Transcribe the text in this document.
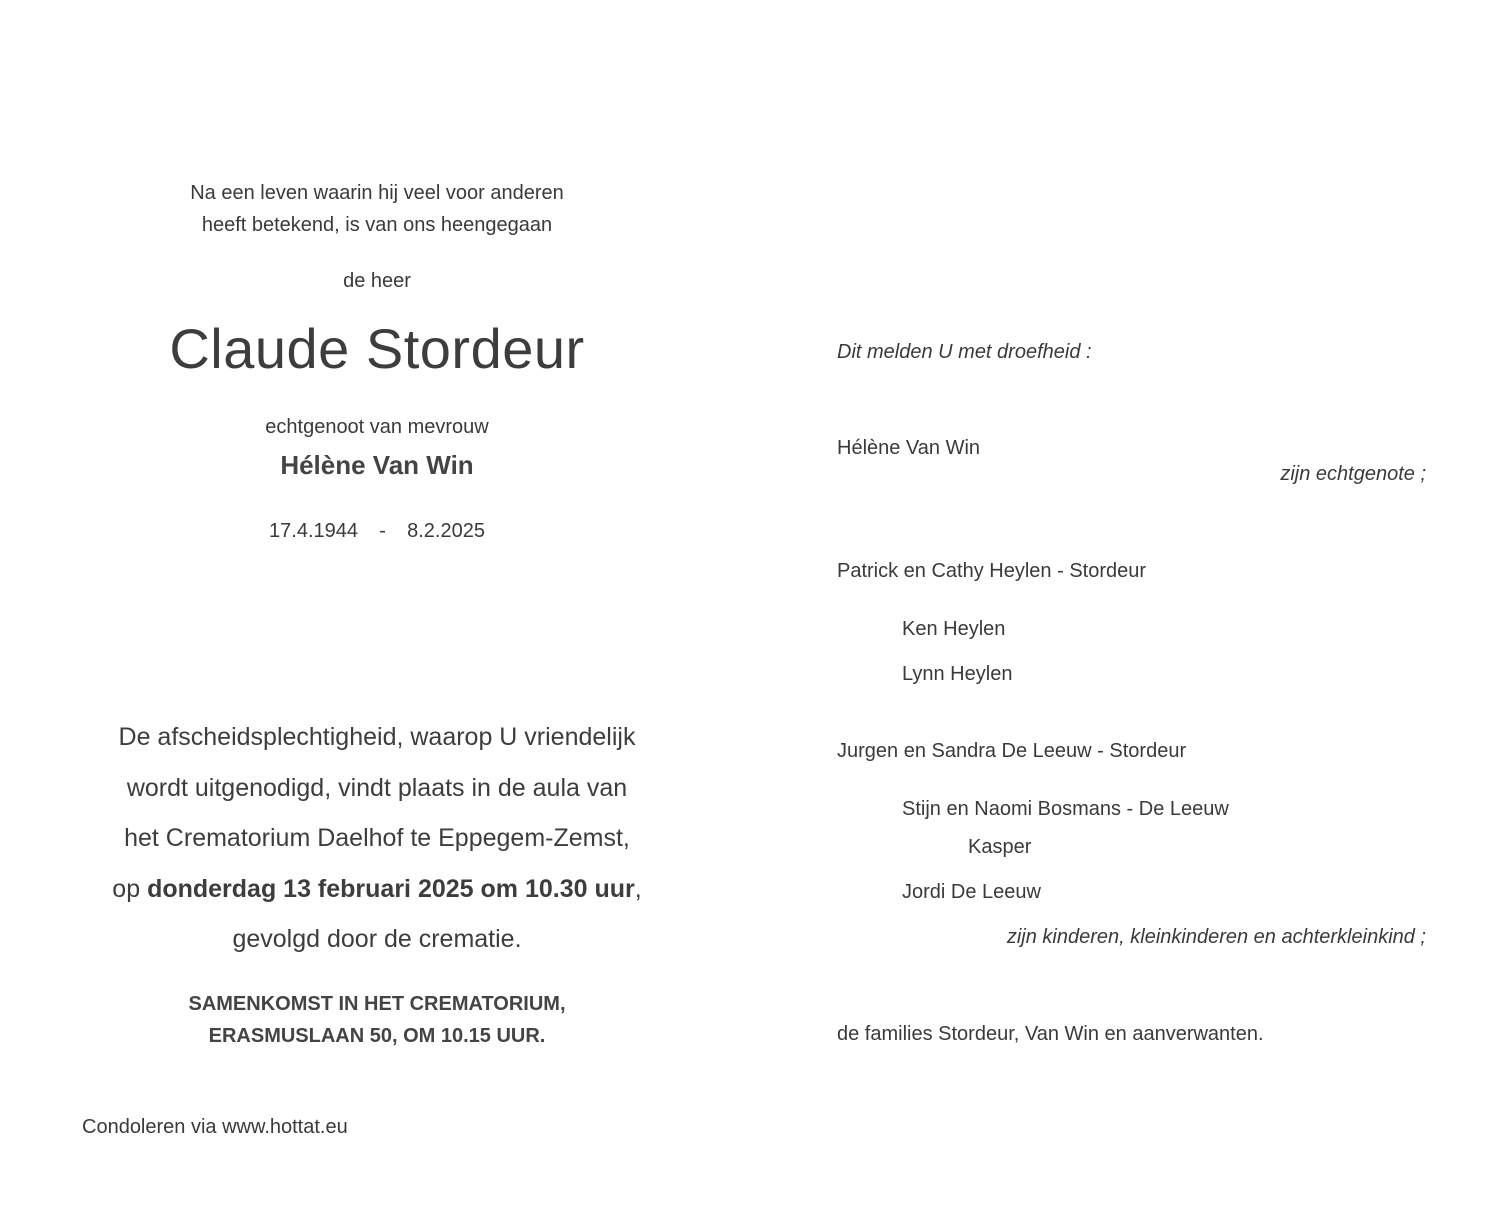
Na een leven waarin hij veel voor anderen
heeft betekend, is van ons heengegaan
de heer
Claude Stordeur
echtgenoot van mevrouw
Hélène Van Win
17.4.1944 - 8.2.2025
De afscheidsplechtigheid, waarop U vriendelijk
wordt uitgenodigd, vindt plaats in de aula van
het Crematorium Daelhof te Eppegem-Zemst,
op donderdag 13 februari 2025 om 10.30 uur,
gevolgd door de crematie.
SAMENKOMST IN HET CREMATORIUM,
ERASMUSLAAN 50, OM 10.15 UUR.
Condoleren via www.hottat.eu
Dit melden U met droefheid :
Hélène Van Win
zijn echtgenote ;
Patrick en Cathy Heylen - Stordeur
Ken Heylen
Lynn Heylen
Jurgen en Sandra De Leeuw - Stordeur
Stijn en Naomi Bosmans - De Leeuw
Kasper
Jordi De Leeuw
zijn kinderen, kleinkinderen en achterkleinkind ;
de families Stordeur, Van Win en aanverwanten.
